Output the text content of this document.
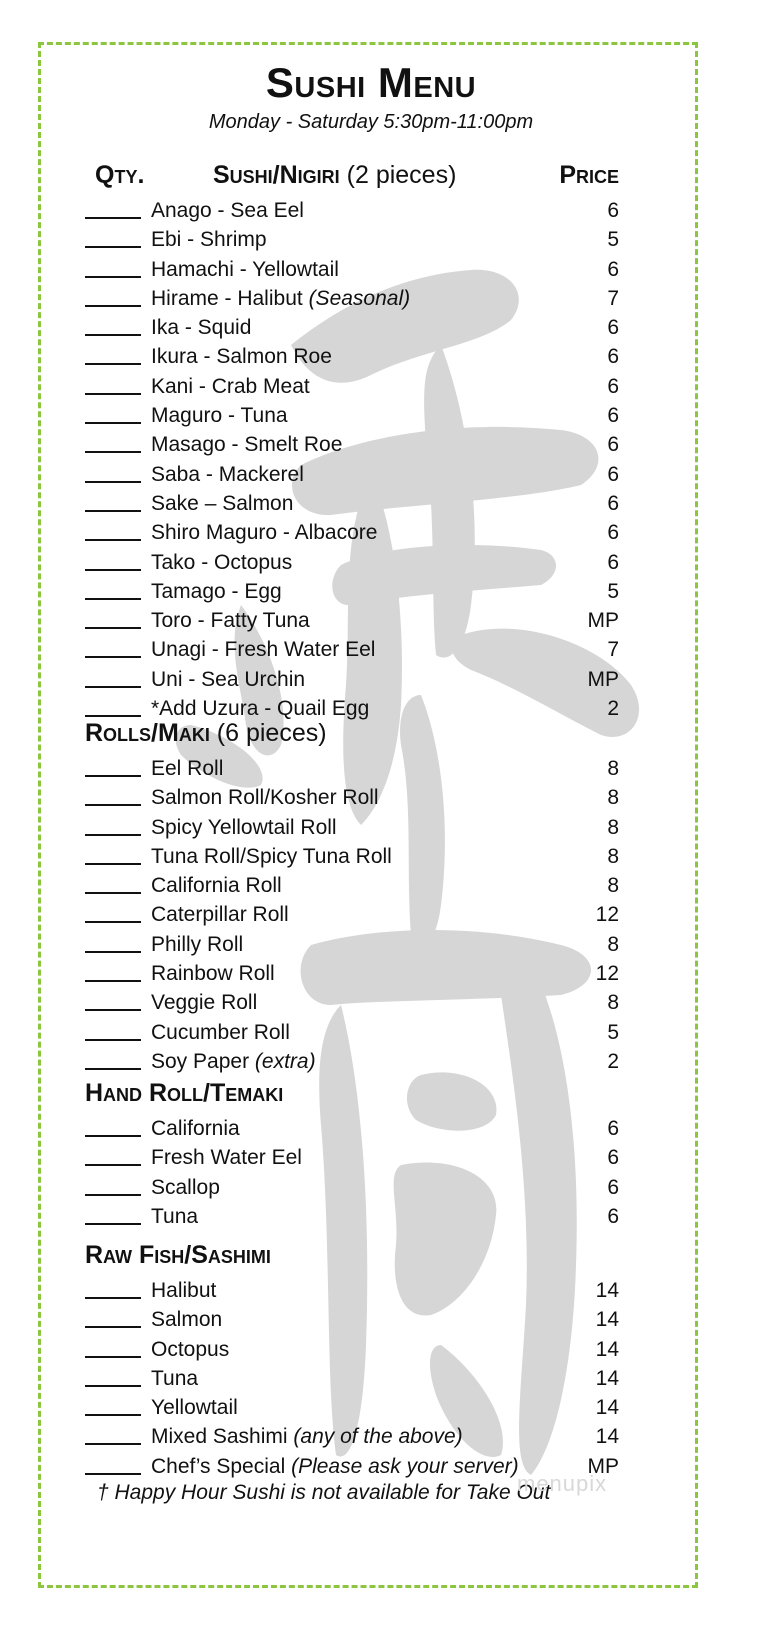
Sushi Menu
Monday - Saturday 5:30pm-11:00pm
Qty.	Sushi/Nigiri (2 pieces)	Price
Anago - Sea Eel	6
Ebi - Shrimp	5
Hamachi - Yellowtail	6
Hirame - Halibut (Seasonal)	7
Ika - Squid	6
Ikura - Salmon Roe	6
Kani - Crab Meat	6
Maguro - Tuna	6
Masago - Smelt Roe	6
Saba - Mackerel	6
Sake – Salmon	6
Shiro Maguro - Albacore	6
Tako - Octopus	6
Tamago - Egg	5
Toro - Fatty Tuna	MP
Unagi - Fresh Water Eel	7
Uni - Sea Urchin	MP
*Add Uzura - Quail Egg	2
Rolls/Maki (6 pieces)
Eel Roll	8
Salmon Roll/Kosher Roll	8
Spicy Yellowtail Roll	8
Tuna Roll/Spicy Tuna Roll	8
California Roll	8
Caterpillar Roll	12
Philly Roll	8
Rainbow Roll	12
Veggie Roll	8
Cucumber Roll	5
Soy Paper (extra)	2
Hand Roll/Temaki
California	6
Fresh Water Eel	6
Scallop	6
Tuna	6
Raw Fish/Sashimi
Halibut	14
Salmon	14
Octopus	14
Tuna	14
Yellowtail	14
Mixed Sashimi (any of the above)	14
Chef’s Special (Please ask your server)	MP
† Happy Hour Sushi is not available for Take Out
menupix
